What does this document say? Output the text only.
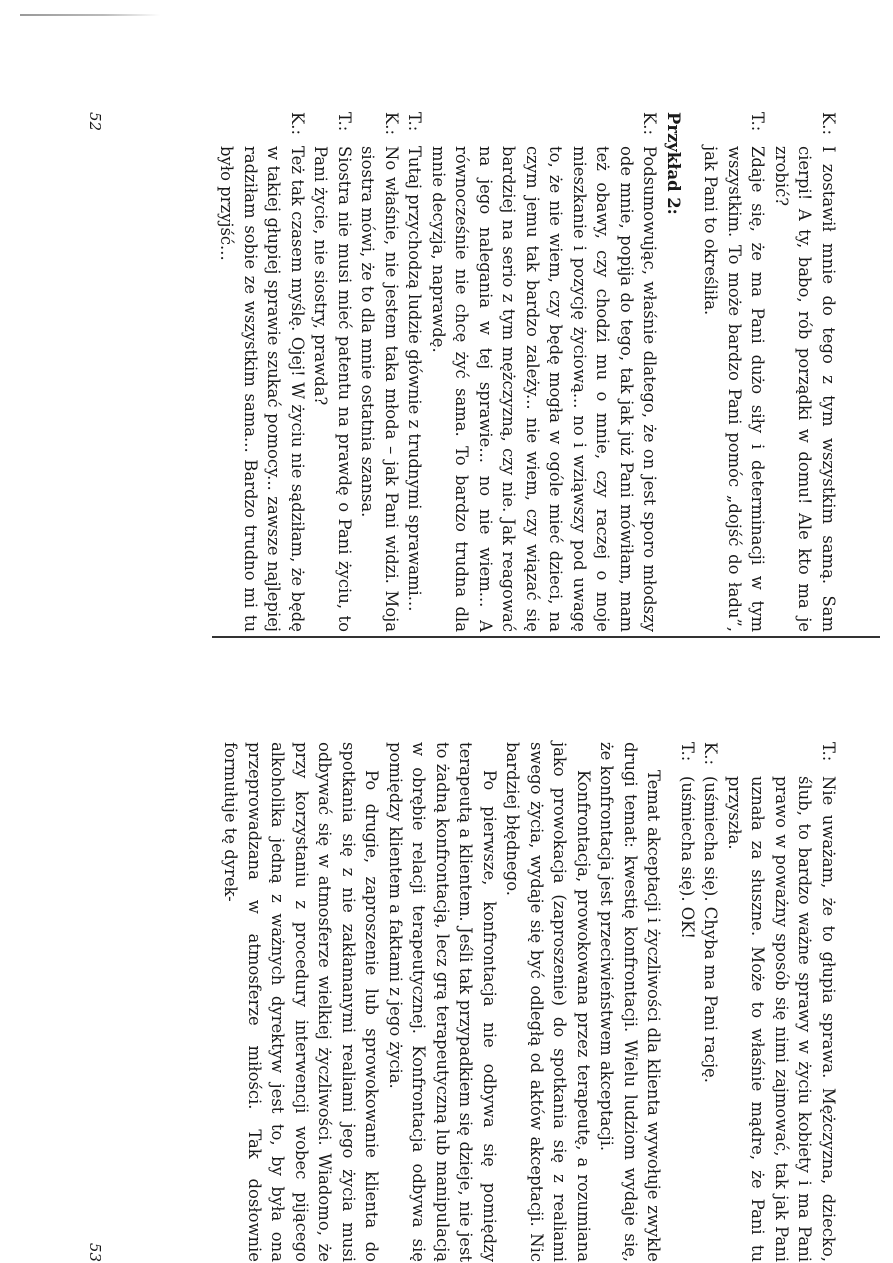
K.:
I zostawił mnie do tego z tym wszystkim samą. Sam cierpi! A ty, babo, rób porządki w domu! Ale kto ma je zrobić?
T.:
Zdaje się, że ma Pani dużo siły i determinacji w tym wszystkim. To może bardzo Pani pomóc „dojść do ładu”, jak Pani to określiła.
Przykład 2:
K.:
Podsumowując, właśnie dlatego, że on jest sporo młodszy ode mnie, popija do tego, tak jak już Pani mówiłam, mam też obawy, czy chodzi mu o mnie, czy raczej o moje mieszkanie i pozycję życiową... no i wziąwszy pod uwagę to, że nie wiem, czy będę mogła w ogóle mieć dzieci, na czym jemu tak bardzo zależy... nie wiem, czy wiązać się bardziej na serio z tym mężczyzną, czy nie. Jak reagować na jego nalegania w tej sprawie... no nie wiem... A równocześnie nie chcę żyć sama. To bardzo trudna dla mnie decyzja, naprawdę.
T.:
Tutaj przychodzą ludzie głównie z trudnymi sprawami...
K.:
No właśnie, nie jestem taka młoda – jak Pani widzi. Moja siostra mówi, że to dla mnie ostatnia szansa.
T.:
Siostra nie musi mieć patentu na prawdę o Pani życiu, to Pani życie, nie siostry, prawda?
K.:
Też tak czasem myślę. Ojej! W życiu nie sądziłam, że będę w takiej głupiej sprawie szukać pomocy... zawsze najlepiej radziłam sobie ze wszystkim sama... Bardzo trudno mi tu było przyjść...
52
T.:
Nie uważam, że to głupia sprawa. Mężczyzna, dziecko, ślub, to bardzo ważne sprawy w życiu kobiety i ma Pani prawo w poważny sposób się nimi zajmować, tak jak Pani uznała za słuszne. Może to właśnie mądre, że Pani tu przyszła.
K.:
(uśmiecha się). Chyba ma Pani rację.
T.:
(uśmiecha się). OK!

Temat akceptacji i życzliwości dla klienta wywołuje zwykle drugi temat: kwestię konfrontacji. Wielu ludziom wydaje się, że konfrontacja jest przeciwieństwem akceptacji.

Konfrontacja, prowokowana przez terapeutę, a rozumiana jako prowokacja (zaproszenie) do spotkania się z realiami swego życia, wydaje się być odległą od aktów akceptacji. Nic bardziej błędnego.

Po pierwsze, konfrontacja nie odbywa się pomiędzy terapeutą a klientem. Jeśli tak przypadkiem się dzieje, nie jest to żadną konfrontacją, lecz grą terapeutyczną lub manipulacją w obrębie relacji terapeutycznej. Konfrontacja odbywa się pomiędzy klientem a faktami z jego życia.

Po drugie, zaproszenie lub sprowokowanie klienta do spotkania się z nie zakłamanymi realiami jego życia musi odbywać się w atmosferze wielkiej życzliwości. Wiadomo, że przy korzystaniu z procedury interwencji wobec pijącego alkoholika jedną z ważnych dyrektyw jest to, by była ona przeprowadzana w atmosferze miłości. Tak dosłownie formułuje tę dyrek-

53
